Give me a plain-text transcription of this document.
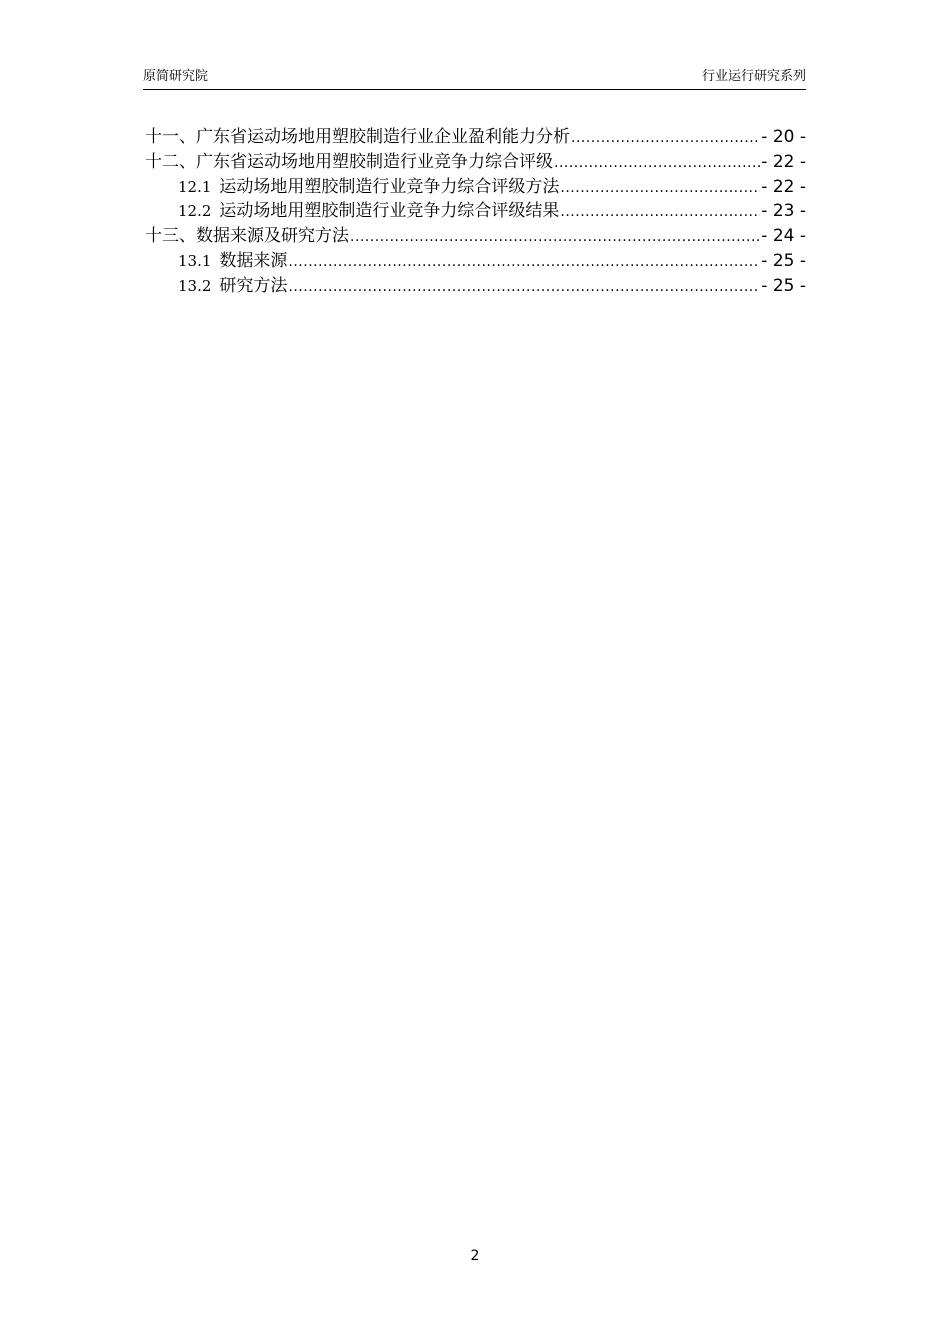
原简研究院	行业运行研究系列
十一、 广东省运动场地用塑胶制造行业企业盈利能力分析 .....	- 20 -
十二、 广东省运动场地用塑胶制造行业竞争力综合评级 .....	- 22 -
12.1 运动场地用塑胶制造行业竞争力综合评级方法 .....	- 22 -
12.2 运动场地用塑胶制造行业竞争力综合评级结果 .....	- 23 -
十三、 数据来源及研究方法 .....	- 24 -
13.1 数据来源 .....	- 25 -
13.2 研究方法 .....	- 25 -
2
